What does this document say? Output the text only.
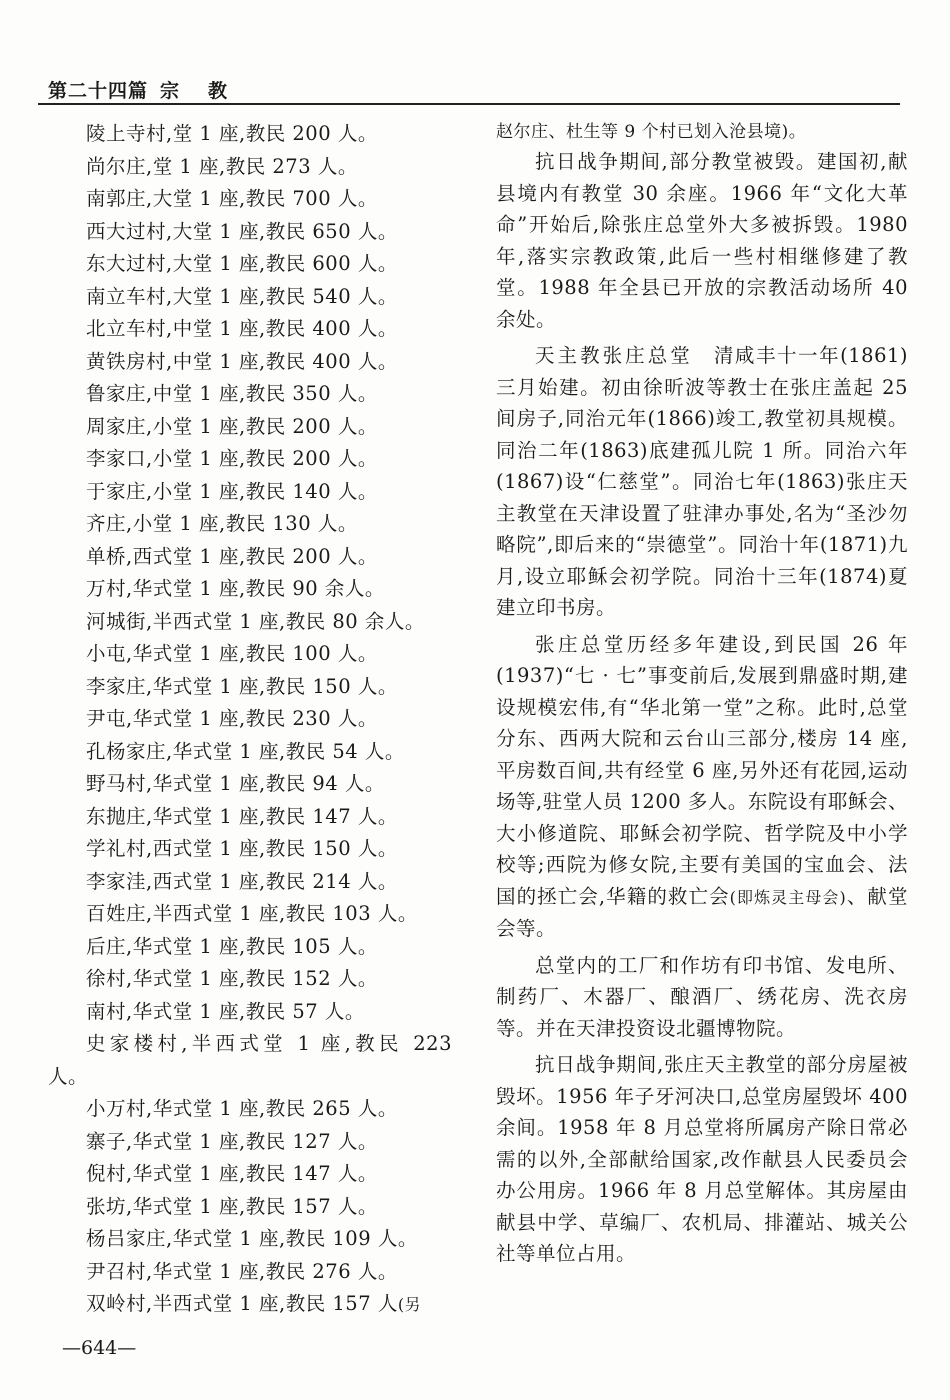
第二十四篇 宗 教
陵上寺村,堂 1 座,教民 200 人。
尚尔庄,堂 1 座,教民 273 人。
南郭庄,大堂 1 座,教民 700 人。
西大过村,大堂 1 座,教民 650 人。
东大过村,大堂 1 座,教民 600 人。
南立车村,大堂 1 座,教民 540 人。
北立车村,中堂 1 座,教民 400 人。
黄铁房村,中堂 1 座,教民 400 人。
鲁家庄,中堂 1 座,教民 350 人。
周家庄,小堂 1 座,教民 200 人。
李家口,小堂 1 座,教民 200 人。
于家庄,小堂 1 座,教民 140 人。
齐庄,小堂 1 座,教民 130 人。
单桥,西式堂 1 座,教民 200 人。
万村,华式堂 1 座,教民 90 余人。
河城街,半西式堂 1 座,教民 80 余人。
小屯,华式堂 1 座,教民 100 人。
李家庄,华式堂 1 座,教民 150 人。
尹屯,华式堂 1 座,教民 230 人。
孔杨家庄,华式堂 1 座,教民 54 人。
野马村,华式堂 1 座,教民 94 人。
东抛庄,华式堂 1 座,教民 147 人。
学礼村,西式堂 1 座,教民 150 人。
李家洼,西式堂 1 座,教民 214 人。
百姓庄,半西式堂 1 座,教民 103 人。
后庄,华式堂 1 座,教民 105 人。
徐村,华式堂 1 座,教民 152 人。
南村,华式堂 1 座,教民 57 人。
史家楼村,半西式堂 1 座,教民 223
人。
小万村,华式堂 1 座,教民 265 人。
寨子,华式堂 1 座,教民 127 人。
倪村,华式堂 1 座,教民 147 人。
张坊,华式堂 1 座,教民 157 人。
杨吕家庄,华式堂 1 座,教民 109 人。
尹召村,华式堂 1 座,教民 276 人。
双岭村,半西式堂 1 座,教民 157 人(另

赵尔庄、杜生等 9 个村已划入沧县境)。

抗日战争期间,部分教堂被毁。建国初,献县境内有教堂 30 余座。1966 年“文化大革命”开始后,除张庄总堂外大多被拆毁。1980 年,落实宗教政策,此后一些村相继修建了教堂。1988 年全县已开放的宗教活动场所 40 余处。

天主教张庄总堂　 清咸丰十一年(1861)三月始建。初由徐昕波等教士在张庄盖起 25 间房子,同治元年(1866)竣工,教堂初具规模。同治二年(1863)底建孤儿院 1 所。同治六年(1867)设“仁慈堂”。同治七年(1863)张庄天主教堂在天津设置了驻津办事处,名为“圣沙勿略院”,即后来的“崇德堂”。同治十年(1871)九月,设立耶稣会初学院。同治十三年(1874)夏建立印书房。

张庄总堂历经多年建设,到民国 26 年(1937)“七 · 七”事变前后,发展到鼎盛时期,建设规模宏伟,有“华北第一堂”之称。此时,总堂分东、西两大院和云台山三部分,楼房 14 座,平房数百间,共有经堂 6 座,另外还有花园,运动场等,驻堂人员 1200 多人。东院设有耶稣会、大小修道院、耶稣会初学院、哲学院及中小学校等;西院为修女院,主要有美国的宝血会、法国的拯亡会,华籍的救亡会(即炼灵主母会)、献堂会等。

总堂内的工厂和作坊有印书馆、发电所、制药厂、木器厂、酿酒厂、绣花房、洗衣房等。并在天津投资设北疆博物院。

抗日战争期间,张庄天主教堂的部分房屋被毁坏。1956 年子牙河决口,总堂房屋毁坏 400 余间。1958 年 8 月总堂将所属房产除日常必需的以外,全部献给国家,改作献县人民委员会办公用房。1966 年 8 月总堂解体。其房屋由献县中学、草编厂、农机局、排灌站、城关公社等单位占用。

—644—
